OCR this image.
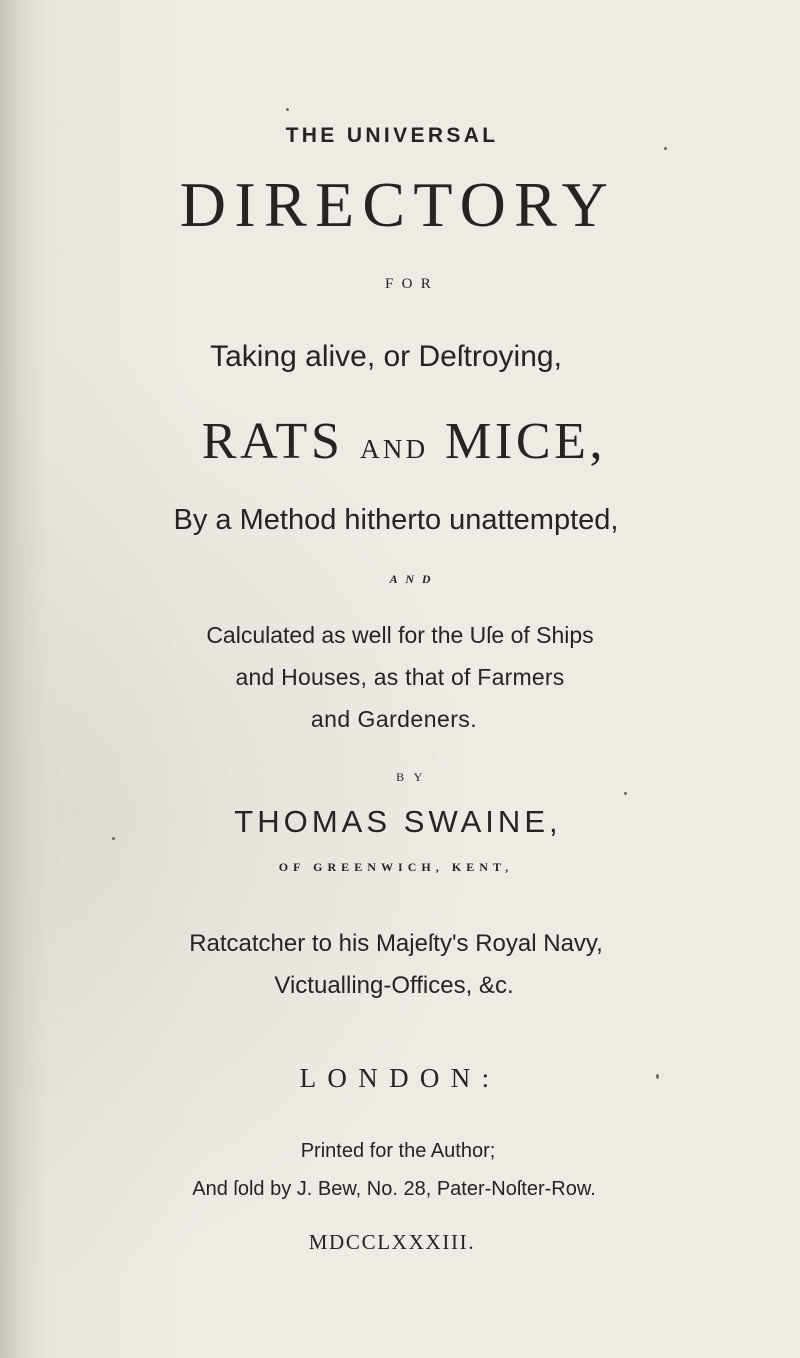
THE UNIVERSAL
DIRECTORY
FOR
Taking alive, or Deſtroying,
RATS AND MICE,
By a Method hitherto unattempted,
AND
Calculated as well for the Uſe of Ships
and Houses, as that of Farmers
and Gardeners.
BY
THOMAS SWAINE,
OF GREENWICH, KENT,
Ratcatcher to his Majeſty's Royal Navy,
Victualling-Offices, &c.
LONDON:
Printed for the Author;
And ſold by J. Bew, No. 28, Pater-Noſter-Row.
MDCCLXXXIII.
